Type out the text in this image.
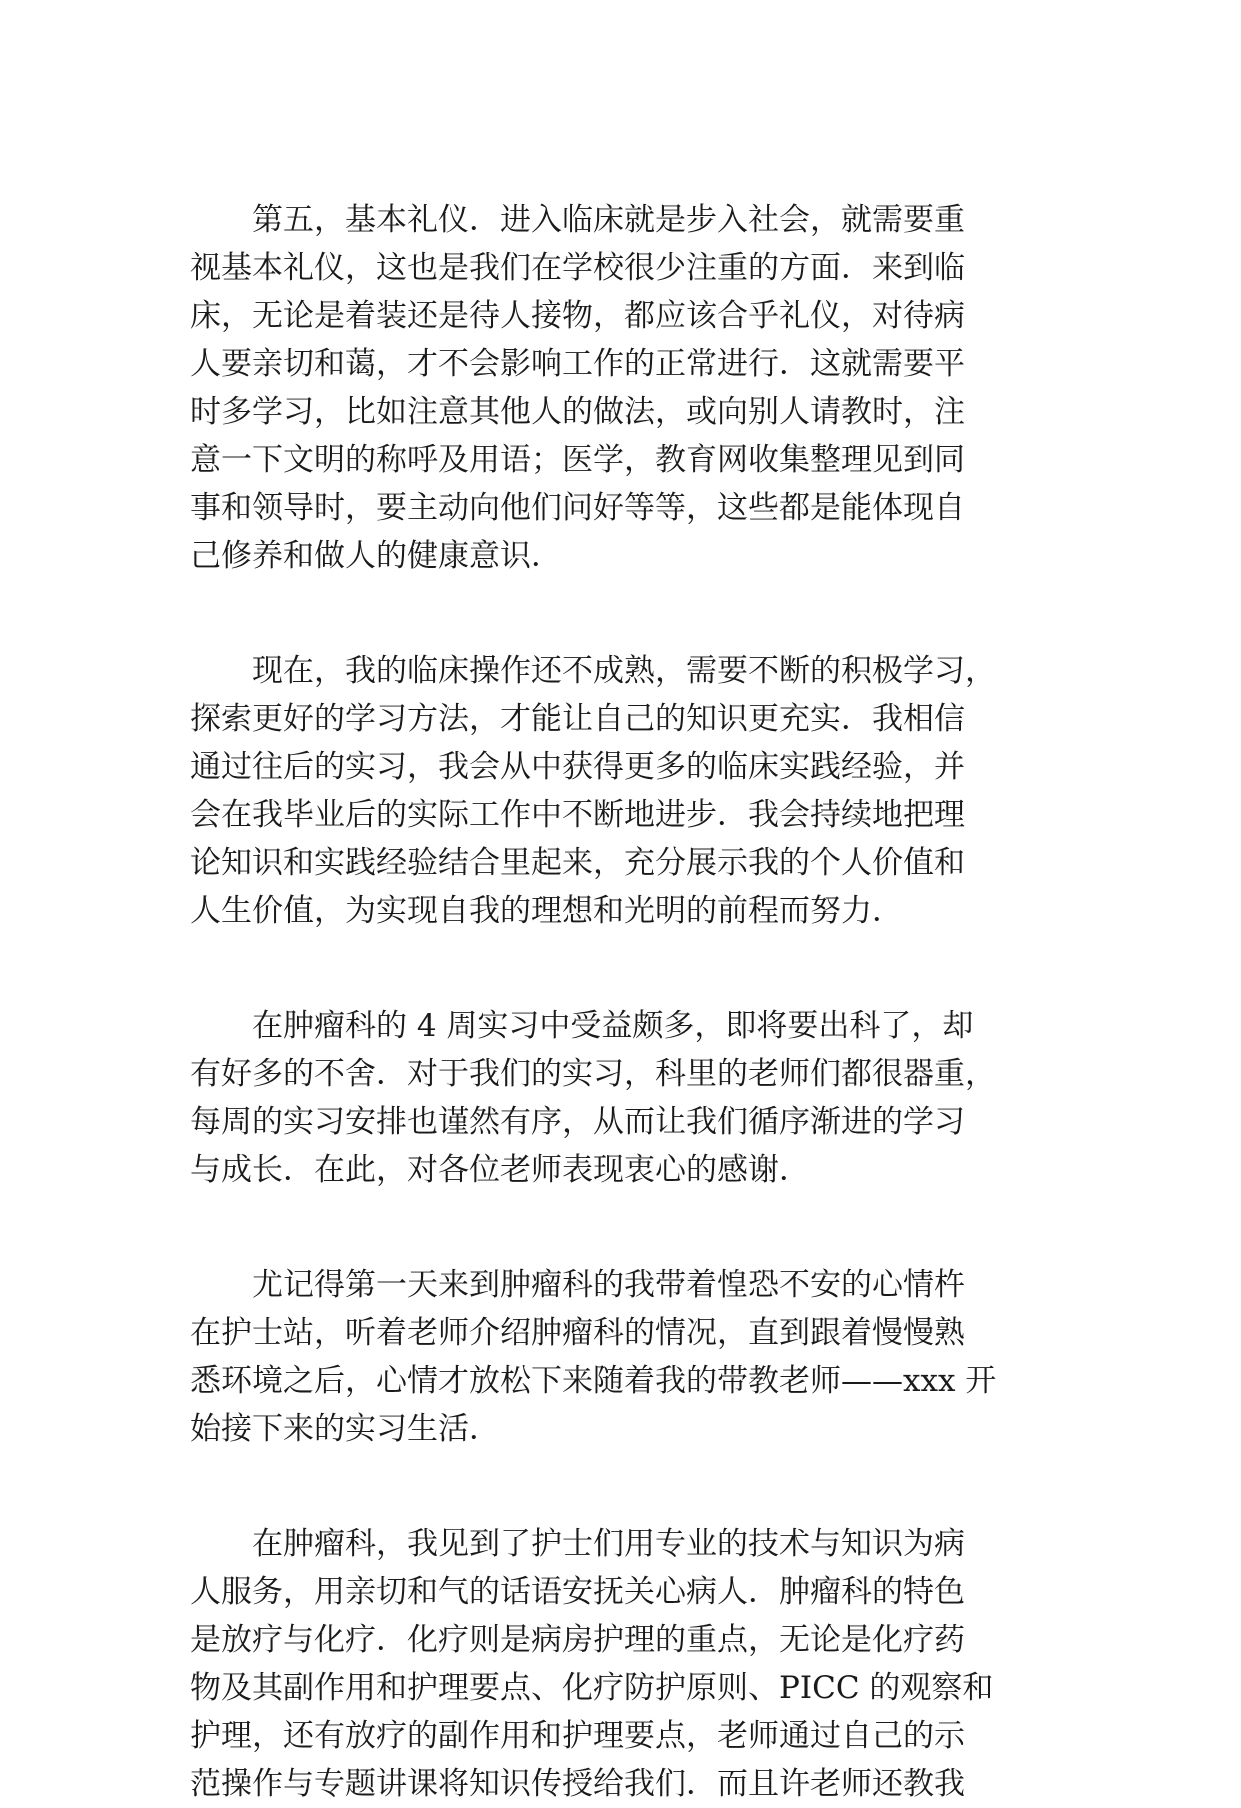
　　第五，基本礼仪．进入临床就是步入社会，就需要重
视基本礼仪，这也是我们在学校很少注重的方面．来到临
床，无论是着装还是待人接物，都应该合乎礼仪，对待病
人要亲切和蔼，才不会影响工作的正常进行．这就需要平
时多学习，比如注意其他人的做法，或向别人请教时，注
意一下文明的称呼及用语；医学，教育网收集整理见到同
事和领导时，要主动向他们问好等等，这些都是能体现自
己修养和做人的健康意识．
　　现在，我的临床操作还不成熟，需要不断的积极学习，
探索更好的学习方法，才能让自己的知识更充实．我相信
通过往后的实习，我会从中获得更多的临床实践经验，并
会在我毕业后的实际工作中不断地进步．我会持续地把理
论知识和实践经验结合里起来，充分展示我的个人价值和
人生价值，为实现自我的理想和光明的前程而努力．
　　在肿瘤科的 4 周实习中受益颇多，即将要出科了，却
有好多的不舍．对于我们的实习，科里的老师们都很器重，
每周的实习安排也谨然有序，从而让我们循序渐进的学习
与成长．在此，对各位老师表现衷心的感谢．
　　尤记得第一天来到肿瘤科的我带着惶恐不安的心情杵
在护士站，听着老师介绍肿瘤科的情况，直到跟着慢慢熟
悉环境之后，心情才放松下来随着我的带教老师——xxx 开
始接下来的实习生活．
　　在肿瘤科，我见到了护士们用专业的技术与知识为病
人服务，用亲切和气的话语安抚关心病人．肿瘤科的特色
是放疗与化疗．化疗则是病房护理的重点，无论是化疗药
物及其副作用和护理要点、化疗防护原则、PICC 的观察和
护理，还有放疗的副作用和护理要点，老师通过自己的示
范操作与专题讲课将知识传授给我们．而且许老师还教我
